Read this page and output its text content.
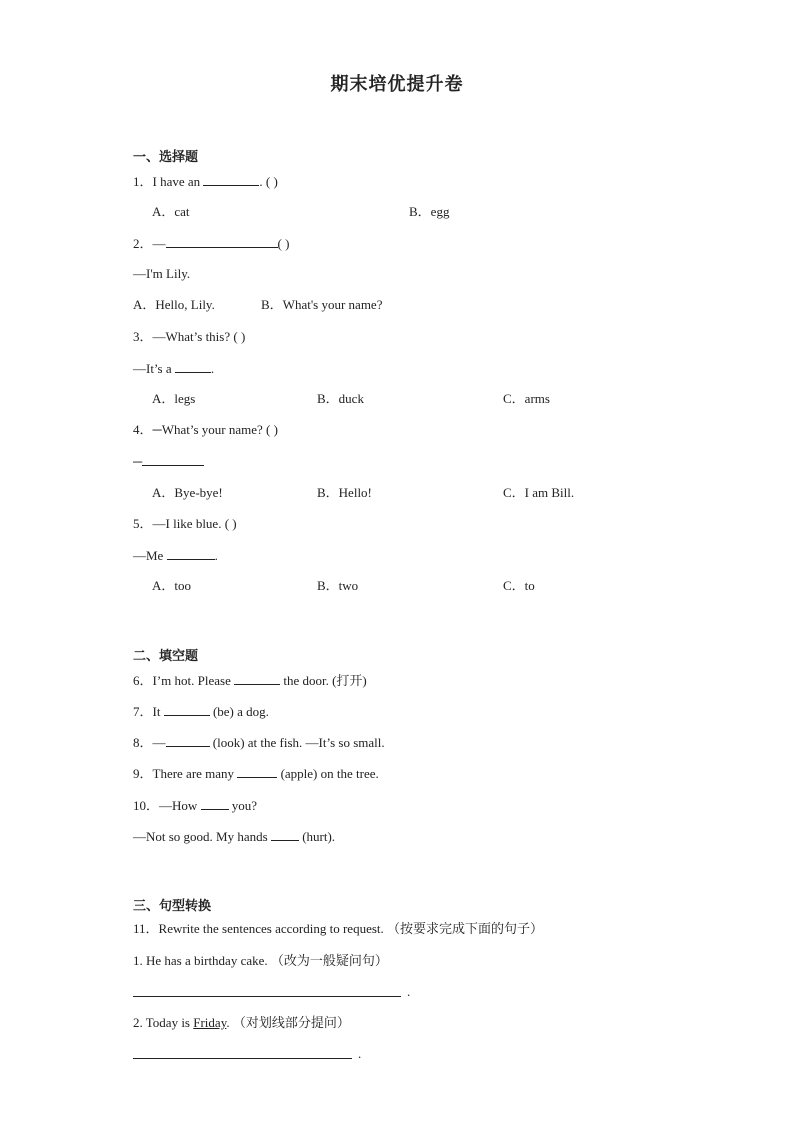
期末培优提升卷
一、选择题
1．I have an	. ( )
A．cat	B．egg
2．—	( )
—I'm Lily.
A．Hello, Lily.	B．What's your name?
3．—What’s this? ( )
—It’s a	.
A．legs	B．duck	C．arms
4．─What’s your name? ( )
─
A．Bye-bye!	B．Hello!	C．I am Bill.
5．—I like blue. ( )
—Me	.
A．too	B．two	C．to
二、填空题
6．I’m hot. Please	the door. (打开)
7．It	(be) a dog.
8．—	(look) at the fish. —It’s so small.
9．There are many	(apple) on the tree.
10．—How  you?
—Not so good. My hands  (hurt).
三、句型转换
11．Rewrite the sentences according to request. （按要求完成下面的句子）
1. He has a birthday cake. （改为一般疑问句）
.
2. Today is Friday. （对划线部分提问）
.
